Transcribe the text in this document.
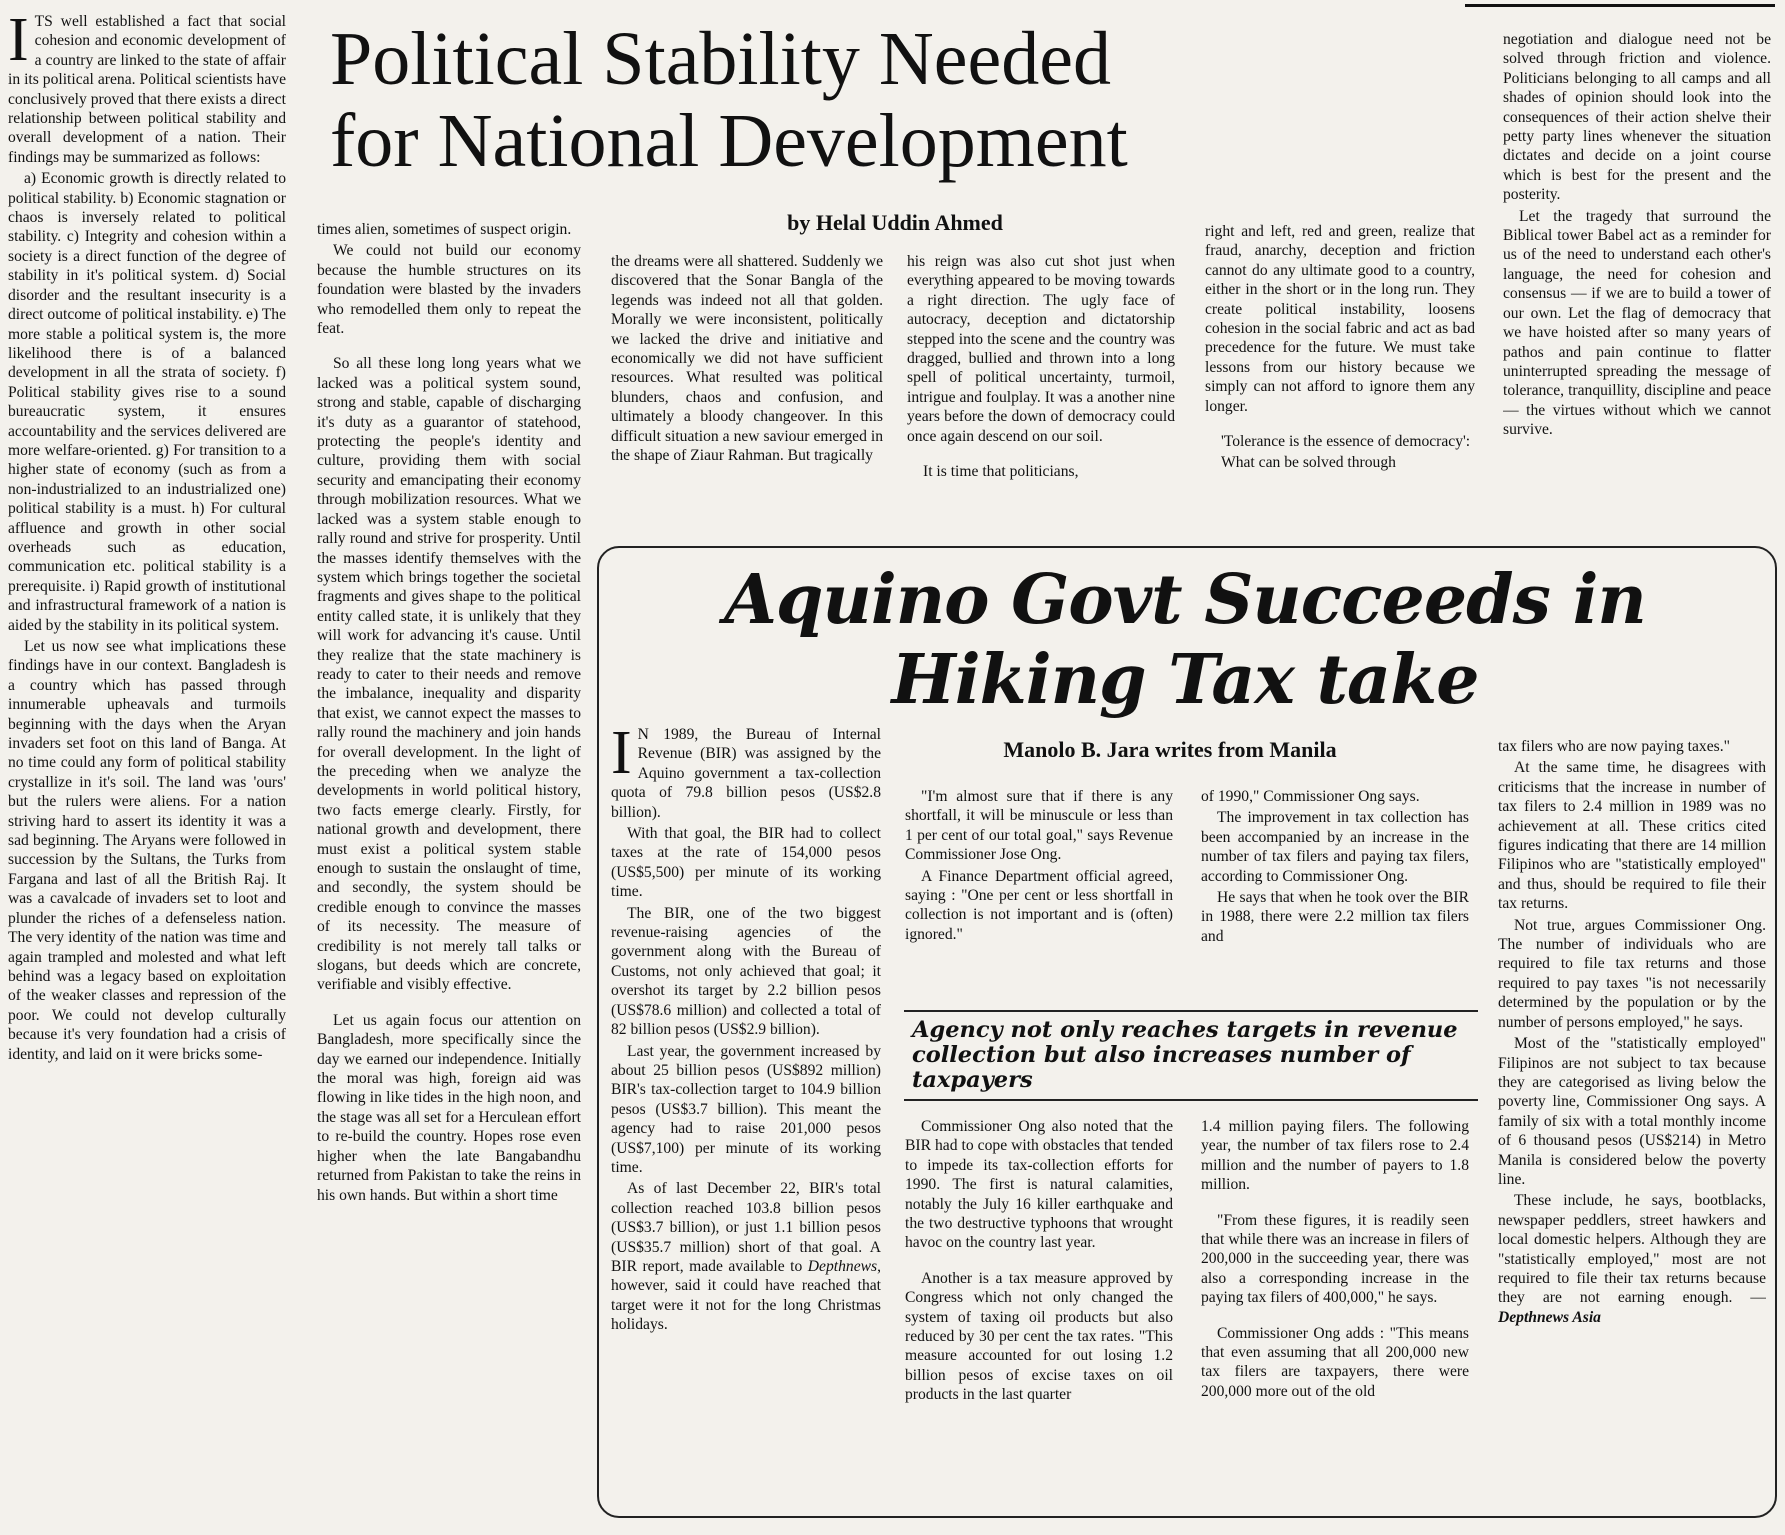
Political Stability Needed
for National Development
by Helal Uddin Ahmed

ITS well established a fact that social cohesion and economic development of a country are linked to the state of affair in its political arena. Political scientists have conclusively proved that there exists a direct relationship between political stability and overall development of a nation. Their findings may be summarized as follows:

a) Economic growth is directly related to political stability. b) Economic stagnation or chaos is inversely related to political stability. c) Integrity and cohesion within a society is a direct function of the degree of stability in it's political system. d) Social disorder and the resultant insecurity is a direct outcome of political instability. e) The more stable a political system is, the more likelihood there is of a balanced development in all the strata of society. f) Political stability gives rise to a sound bureaucratic system, it ensures accountability and the services delivered are more welfare-oriented. g) For transition to a higher state of economy (such as from a non-industrialized to an industrialized one) political stability is a must. h) For cultural affluence and growth in other social overheads such as education, communication etc. political stability is a prerequisite. i) Rapid growth of institutional and infrastructural framework of a nation is aided by the stability in its political system.

Let us now see what implications these findings have in our context. Bangladesh is a country which has passed through innumerable upheavals and turmoils beginning with the days when the Aryan invaders set foot on this land of Banga. At no time could any form of political stability crystallize in it's soil. The land was 'ours' but the rulers were aliens. For a nation striving hard to assert its identity it was a sad beginning. The Aryans were followed in succession by the Sultans, the Turks from Fargana and last of all the British Raj. It was a cavalcade of invaders set to loot and plunder the riches of a defenseless nation. The very identity of the nation was time and again trampled and molested and what left behind was a legacy based on exploitation of the weaker classes and repression of the poor. We could not develop culturally because it's very foundation had a crisis of identity, and laid on it were bricks some-

times alien, sometimes of suspect origin.

We could not build our economy because the humble structures on its foundation were blasted by the invaders who remodelled them only to repeat the feat.

So all these long long years what we lacked was a political system sound, strong and stable, capable of discharging it's duty as a guarantor of statehood, protecting the people's identity and culture, providing them with social security and emancipating their economy through mobilization resources. What we lacked was a system stable enough to rally round and strive for prosperity. Until the masses identify themselves with the system which brings together the societal fragments and gives shape to the political entity called state, it is unlikely that they will work for advancing it's cause. Until they realize that the state machinery is ready to cater to their needs and remove the imbalance, inequality and disparity that exist, we cannot expect the masses to rally round the machinery and join hands for overall development. In the light of the preceding when we analyze the developments in world political history, two facts emerge clearly. Firstly, for national growth and development, there must exist a political system stable enough to sustain the onslaught of time, and secondly, the system should be credible enough to convince the masses of its necessity. The measure of credibility is not merely tall talks or slogans, but deeds which are concrete, verifiable and visibly effective.

Let us again focus our attention on Bangladesh, more specifically since the day we earned our independence. Initially the moral was high, foreign aid was flowing in like tides in the high noon, and the stage was all set for a Herculean effort to re-build the country. Hopes rose even higher when the late Bangabandhu returned from Pakistan to take the reins in his own hands. But within a short time

the dreams were all shattered. Suddenly we discovered that the Sonar Bangla of the legends was indeed not all that golden. Morally we were inconsistent, politically we lacked the drive and initiative and economically we did not have sufficient resources. What resulted was political blunders, chaos and confusion, and ultimately a bloody changeover. In this difficult situation a new saviour emerged in the shape of Ziaur Rahman. But tragically

his reign was also cut shot just when everything appeared to be moving towards a right direction. The ugly face of autocracy, deception and dictatorship stepped into the scene and the country was dragged, bullied and thrown into a long spell of political uncertainty, turmoil, intrigue and foulplay. It was a another nine years before the down of democracy could once again descend on our soil.

It is time that politicians,

right and left, red and green, realize that fraud, anarchy, deception and friction cannot do any ultimate good to a country, either in the short or in the long run. They create political instability, loosens cohesion in the social fabric and act as bad precedence for the future. We must take lessons from our history because we simply can not afford to ignore them any longer.

'Tolerance is the essence of democracy':

What can be solved through

negotiation and dialogue need not be solved through friction and violence. Politicians belonging to all camps and all shades of opinion should look into the consequences of their action shelve their petty party lines whenever the situation dictates and decide on a joint course which is best for the present and the posterity.

Let the tragedy that surround the Biblical tower Babel act as a reminder for us of the need to understand each other's language, the need for cohesion and consensus — if we are to build a tower of our own. Let the flag of democracy that we have hoisted after so many years of pathos and pain continue to flatter uninterrupted spreading the message of tolerance, tranquillity, discipline and peace — the virtues without which we cannot survive.

Aquino Govt Succeeds in
Hiking Tax take
Manolo B. Jara writes from Manila

I N 1989, the Bureau of Internal Revenue (BIR) was assigned by the Aquino government a tax-collection quota of 79.8 billion pesos (US$2.8 billion).

With that goal, the BIR had to collect taxes at the rate of 154,000 pesos (US$5,500) per minute of its working time.

The BIR, one of the two biggest revenue-raising agencies of the government along with the Bureau of Customs, not only achieved that goal; it overshot its target by 2.2 billion pesos (US$78.6 million) and collected a total of 82 billion pesos (US$2.9 billion).

Last year, the government increased by about 25 billion pesos (US$892 million) BIR's tax-collection target to 104.9 billion pesos (US$3.7 billion). This meant the agency had to raise 201,000 pesos (US$7,100) per minute of its working time.

As of last December 22, BIR's total collection reached 103.8 billion pesos (US$3.7 billion), or just 1.1 billion pesos (US$35.7 million) short of that goal. A BIR report, made available to Depthnews, however, said it could have reached that target were it not for the long Christmas holidays.

"I'm almost sure that if there is any shortfall, it will be minuscule or less than 1 per cent of our total goal," says Revenue Commissioner Jose Ong.

A Finance Department official agreed, saying : "One per cent or less shortfall in collection is not important and is (often) ignored."

of 1990," Commissioner Ong says.

The improvement in tax collection has been accompanied by an increase in the number of tax filers and paying tax filers, according to Commissioner Ong.

He says that when he took over the BIR in 1988, there were 2.2 million tax filers and

Agency not only reaches targets in revenue collection but also increases number of taxpayers

Commissioner Ong also noted that the BIR had to cope with obstacles that tended to impede its tax-collection efforts for 1990. The first is natural calamities, notably the July 16 killer earthquake and the two destructive typhoons that wrought havoc on the country last year.

Another is a tax measure approved by Congress which not only changed the system of taxing oil products but also reduced by 30 per cent the tax rates. "This measure accounted for out losing 1.2 billion pesos of excise taxes on oil products in the last quarter

1.4 million paying filers. The following year, the number of tax filers rose to 2.4 million and the number of payers to 1.8 million.

"From these figures, it is readily seen that while there was an increase in filers of 200,000 in the succeeding year, there was also a corresponding increase in the paying tax filers of 400,000," he says.

Commissioner Ong adds : "This means that even assuming that all 200,000 new tax filers are taxpayers, there were 200,000 more out of the old

tax filers who are now paying taxes."

At the same time, he disagrees with criticisms that the increase in number of tax filers to 2.4 million in 1989 was no achievement at all. These critics cited figures indicating that there are 14 million Filipinos who are "statistically employed" and thus, should be required to file their tax returns.

Not true, argues Commissioner Ong. The number of individuals who are required to file tax returns and those required to pay taxes "is not necessarily determined by the population or by the number of persons employed," he says.

Most of the "statistically employed" Filipinos are not subject to tax because they are categorised as living below the poverty line, Commissioner Ong says. A family of six with a total monthly income of 6 thousand pesos (US$214) in Metro Manila is considered below the poverty line.

These include, he says, bootblacks, newspaper peddlers, street hawkers and local domestic helpers. Although they are "statistically employed," most are not required to file their tax returns because they are not earning enough. — Depthnews Asia
